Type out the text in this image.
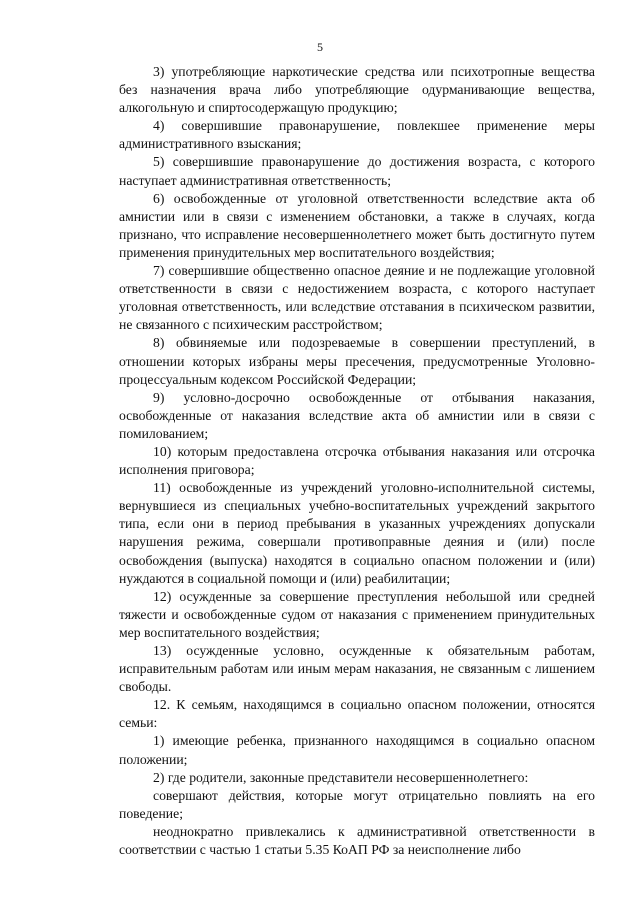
5

3) употребляющие наркотические средства или психотропные вещества без назначения врача либо употребляющие одурманивающие вещества, алкогольную и спиртосодержащую продукцию;

4) совершившие правонарушение, повлекшее применение меры административного взыскания;

5) совершившие правонарушение до достижения возраста, с которого наступает административная ответственность;

6) освобожденные от уголовной ответственности вследствие акта об амнистии или в связи с изменением обстановки, а также в случаях, когда признано, что исправление несовершеннолетнего может быть достигнуто путем применения принудительных мер воспитательного воздействия;

7) совершившие общественно опасное деяние и не подлежащие уголовной ответственности в связи с недостижением возраста, с которого наступает уголовная ответственность, или вследствие отставания в психическом развитии, не связанного с психическим расстройством;

8) обвиняемые или подозреваемые в совершении преступлений, в отношении которых избраны меры пресечения, предусмотренные Уголовно-процессуальным кодексом Российской Федерации;

9) условно-досрочно освобожденные от отбывания наказания, освобожденные от наказания вследствие акта об амнистии или в связи с помилованием;

10) которым предоставлена отсрочка отбывания наказания или отсрочка исполнения приговора;

11) освобожденные из учреждений уголовно-исполнительной системы, вернувшиеся из специальных учебно-воспитательных учреждений закрытого типа, если они в период пребывания в указанных учреждениях допускали нарушения режима, совершали противоправные деяния и (или) после освобождения (выпуска) находятся в социально опасном положении и (или) нуждаются в социальной помощи и (или) реабилитации;

12) осужденные за совершение преступления небольшой или средней тяжести и освобожденные судом от наказания с применением принудительных мер воспитательного воздействия;

13) осужденные условно, осужденные к обязательным работам, исправительным работам или иным мерам наказания, не связанным с лишением свободы.

12. К семьям, находящимся в социально опасном положении, относятся семьи:

1) имеющие ребенка, признанного находящимся в социально опасном положении;

2) где родители, законные представители несовершеннолетнего:

совершают действия, которые могут отрицательно повлиять на его поведение;

неоднократно привлекались к административной ответственности в соответствии с частью 1 статьи 5.35 КоАП РФ за неисполнение либо
